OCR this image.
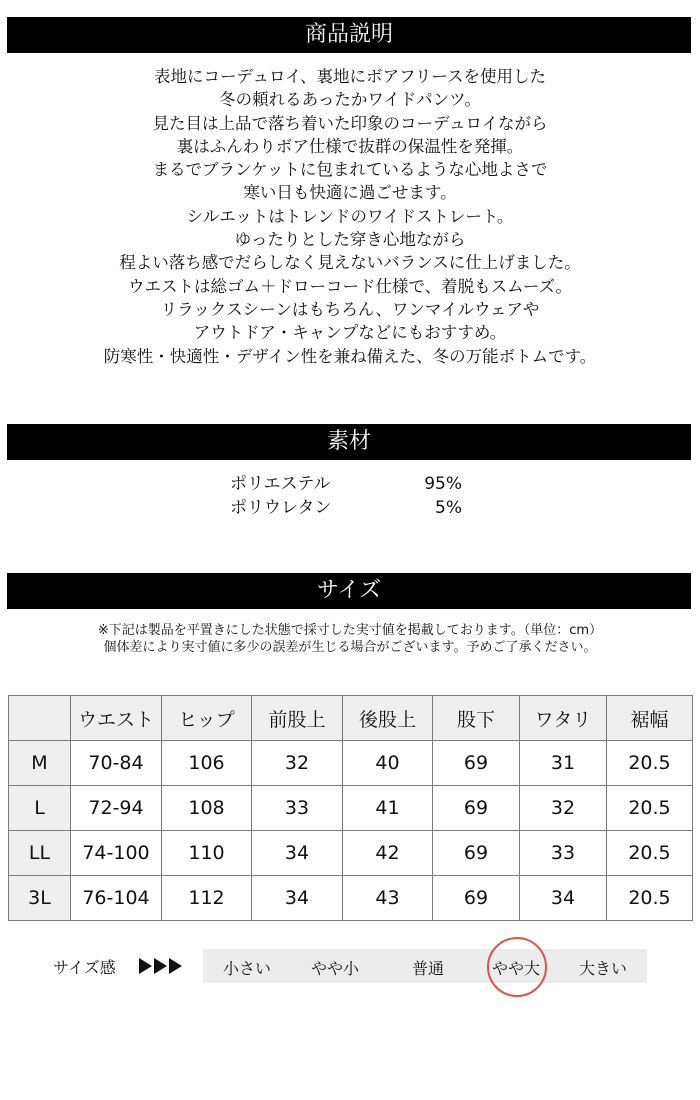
商品説明
表地にコーデュロイ、裏地にボアフリースを使用した
冬の頼れるあったかワイドパンツ。
見た目は上品で落ち着いた印象のコーデュロイながら
裏はふんわりボア仕様で抜群の保温性を発揮。
まるでブランケットに包まれているような心地よさで
寒い日も快適に過ごせます。
シルエットはトレンドのワイドストレート。
ゆったりとした穿き心地ながら
程よい落ち感でだらしなく見えないバランスに仕上げました。
ウエストは総ゴム＋ドローコード仕様で、着脱もスムーズ。
リラックスシーンはもちろん、ワンマイルウェアや
アウトドア・キャンプなどにもおすすめ。
防寒性・快適性・デザイン性を兼ね備えた、冬の万能ボトムです。
素材
ポリエステル	95%
ポリウレタン	5%
サイズ
※下記は製品を平置きにした状態で採寸した実寸値を掲載しております。（単位：cm）
個体差により実寸値に多少の誤差が生じる場合がございます。予めご了承ください。
	ウエスト	ヒップ	前股上	後股上	股下	ワタリ	裾幅
M	70-84	106	32	40	69	31	20.5
L	72-94	108	33	41	69	32	20.5
LL	74-100	110	34	42	69	33	20.5
3L	76-104	112	34	43	69	34	20.5
サイズ感	小さい やや小	普通	やや大 大きい
